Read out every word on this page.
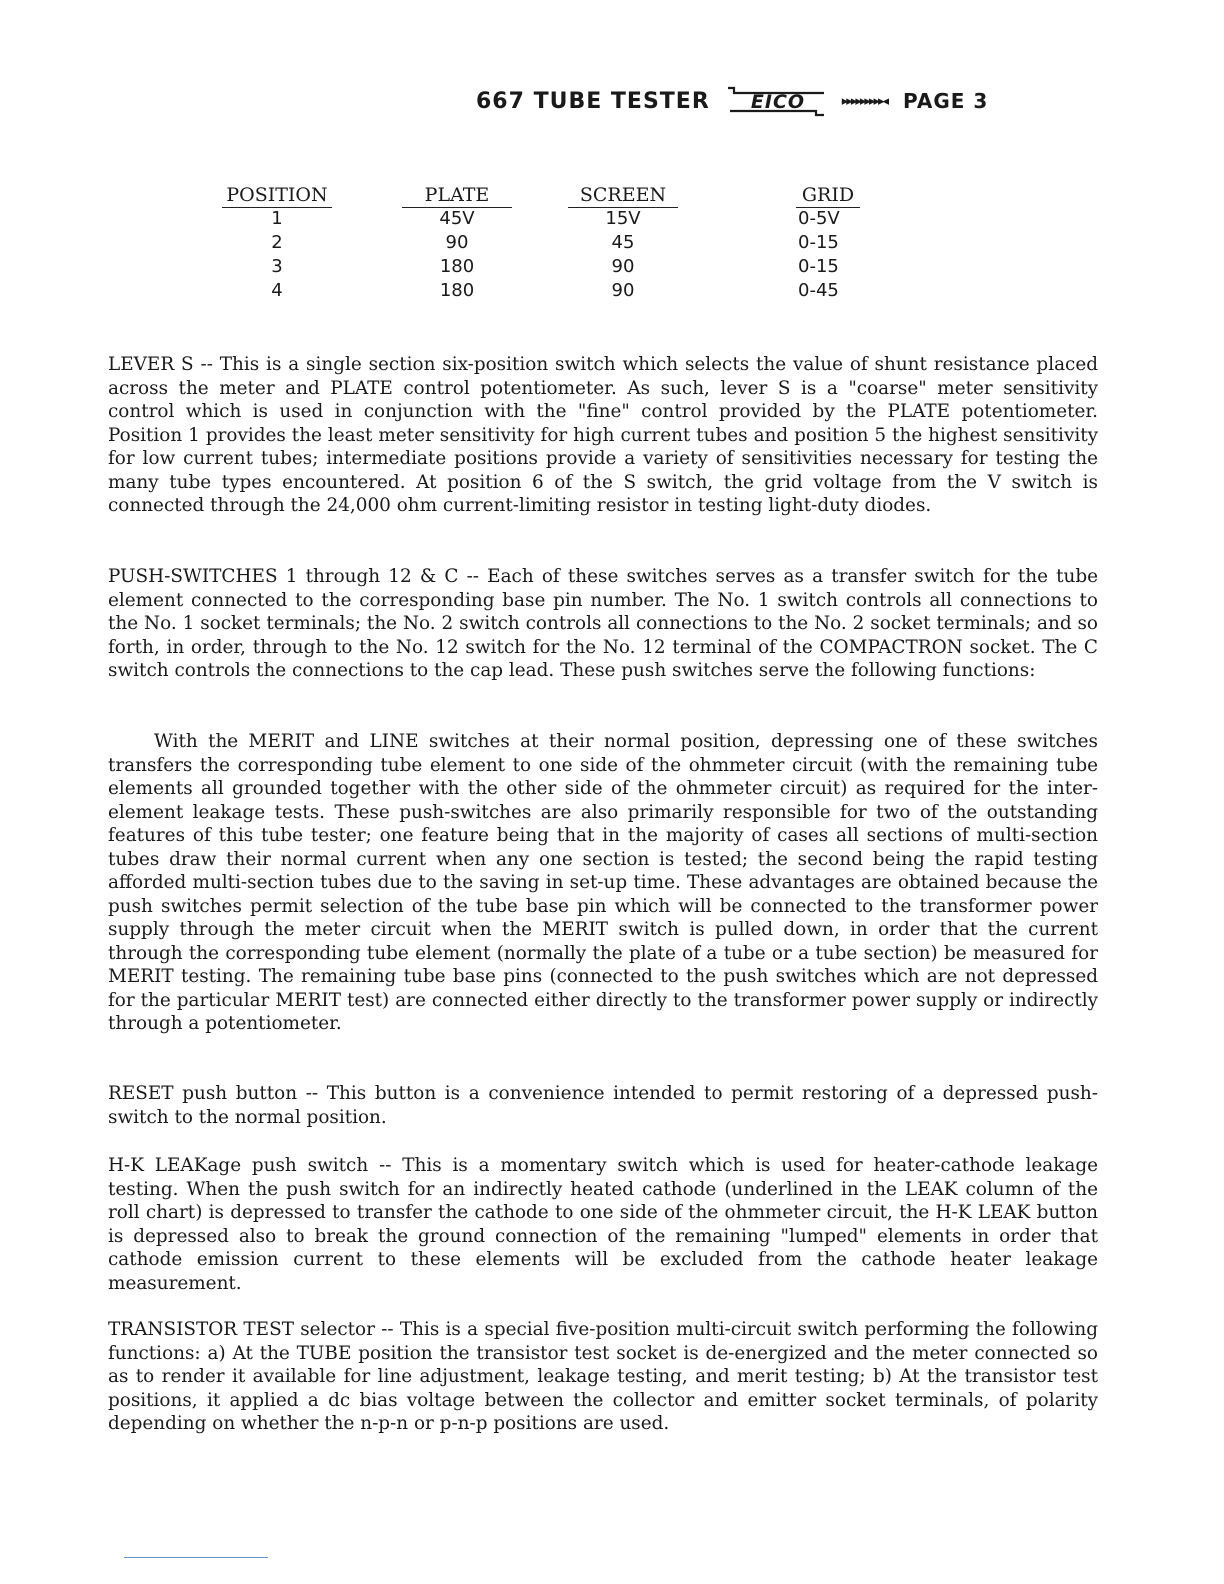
667 TUBE TESTER EICO	▸▸▸▸▸▸▸▸▸◂ PAGE 3
POSITION	PLATE	SCREEN	GRID
1	45V	15V	0-5V
2	90	45	0-15
3	180	90	0-15
4	180	90	0-45

LEVER S -- This is a single section six-position switch which selects the value of shunt resistance placed across the meter and PLATE control potentiometer. As such, lever S is a "coarse" meter sensitivity control which is used in conjunction with the "fine" control provided by the PLATE potentiometer. Position 1 provides the least meter sensitivity for high current tubes and position 5 the highest sensitivity for low current tubes; intermediate positions provide a variety of sensitivities necessary for testing the many tube types encountered. At position 6 of the S switch, the grid voltage from the V switch is connected through the 24,000 ohm current-limiting resistor in testing light-duty diodes.

PUSH-SWITCHES 1 through 12 & C -- Each of these switches serves as a transfer switch for the tube element connected to the corresponding base pin number. The No. 1 switch controls all connections to the No. 1 socket terminals; the No. 2 switch controls all connections to the No. 2 socket terminals; and so forth, in order, through to the No. 12 switch for the No. 12 terminal of the COMPACTRON socket. The C switch controls the connections to the cap lead. These push switches serve the following functions:

With the MERIT and LINE switches at their normal position, depressing one of these switches transfers the corresponding tube element to one side of the ohmmeter circuit (with the remaining tube elements all grounded together with the other side of the ohmmeter circuit) as required for the inter-element leakage tests. These push-switches are also primarily responsible for two of the outstanding features of this tube tester; one feature being that in the majority of cases all sections of multi-section tubes draw their normal current when any one section is tested; the second being the rapid testing afforded multi-section tubes due to the saving in set-up time. These advantages are obtained because the push switches permit selection of the tube base pin which will be connected to the transformer power supply through the meter circuit when the MERIT switch is pulled down, in order that the current through the corresponding tube element (normally the plate of a tube or a tube section) be measured for MERIT testing. The remaining tube base pins (connected to the push switches which are not depressed for the particular MERIT test) are connected either directly to the transformer power supply or indirectly through a potentiometer.

RESET push button -- This button is a convenience intended to permit restoring of a depressed push-switch to the normal position.

H-K LEAKage push switch -- This is a momentary switch which is used for heater-cathode leakage testing. When the push switch for an indirectly heated cathode (underlined in the LEAK column of the roll chart) is depressed to transfer the cathode to one side of the ohmmeter circuit, the H-K LEAK button is depressed also to break the ground connection of the remaining "lumped" elements in order that cathode emission current to these elements will be excluded from the cathode heater leakage measurement.

TRANSISTOR TEST selector -- This is a special five-position multi-circuit switch performing the following functions: a) At the TUBE position the transistor test socket is de-energized and the meter connected so as to render it available for line adjustment, leakage testing, and merit testing; b) At the transistor test positions, it applied a dc bias voltage between the collector and emitter socket terminals, of polarity depending on whether the n-p-n or p-n-p positions are used.
